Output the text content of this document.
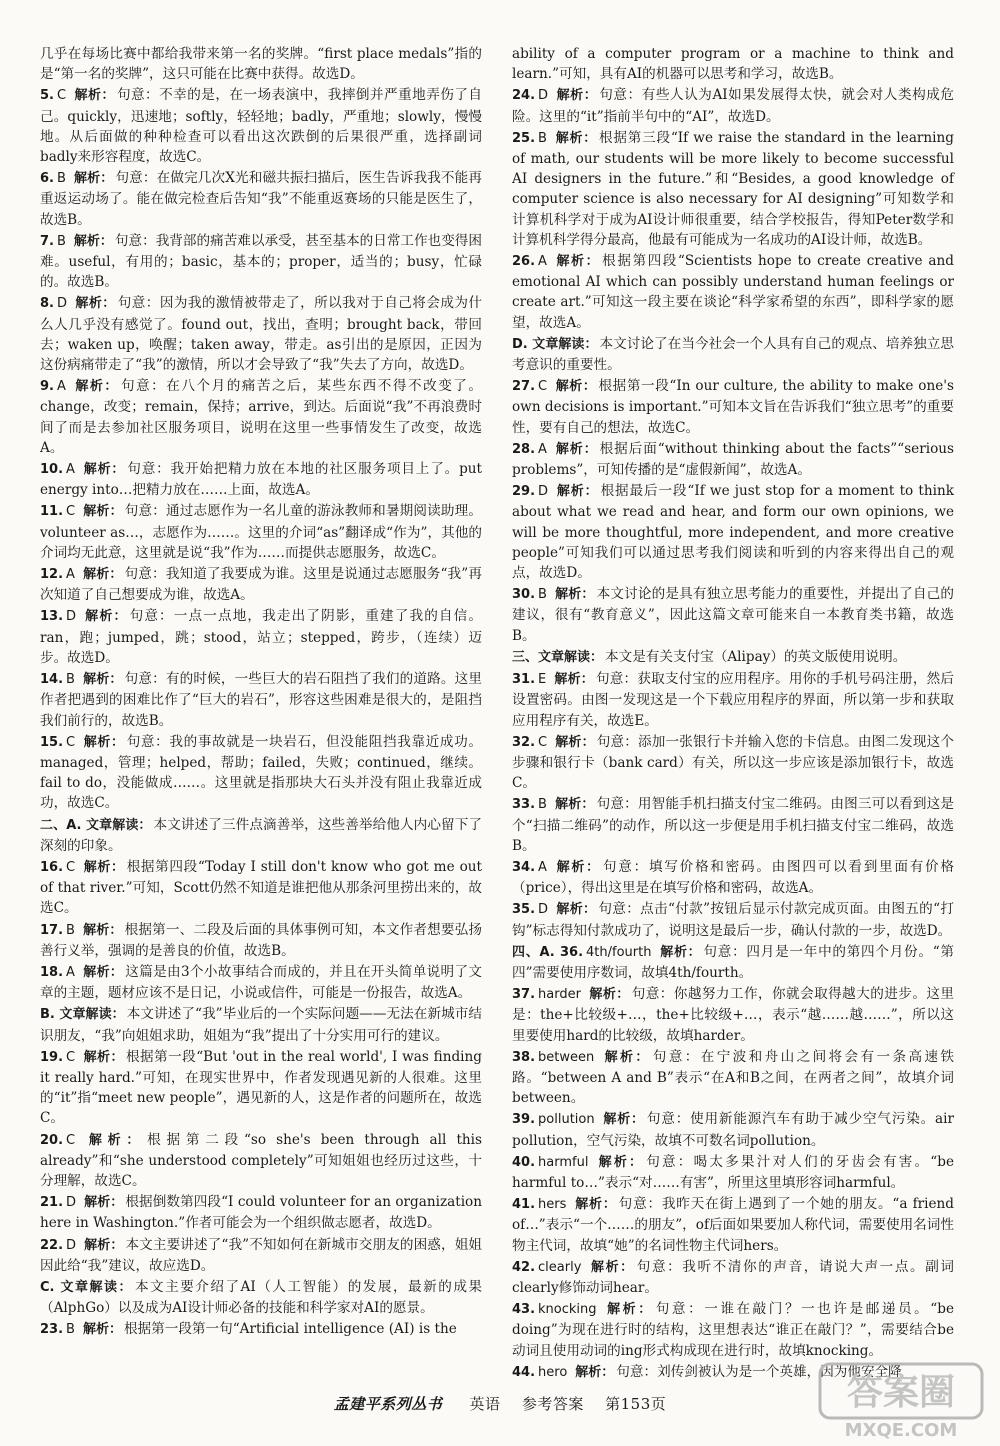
几乎在每场比赛中都给我带来第一名的奖牌。“first place medals”指的是“第一名的奖牌”，这只可能在比赛中获得。故选D。
5. C 解析： 句意：不幸的是，在一场表演中，我摔倒并严重地弄伤了自己。quickly，迅速地；softly，轻轻地；badly，严重地；slowly，慢慢地。从后面做的种种检查可以看出这次跌倒的后果很严重，选择副词badly来形容程度，故选C。
6. B 解析： 句意：在做完几次X光和磁共振扫描后，医生告诉我我不能再重返运动场了。能在做完检查后告知“我”不能重返赛场的只能是医生了，故选B。
7. B 解析： 句意：我背部的痛苦难以承受，甚至基本的日常工作也变得困难。useful，有用的；basic，基本的；proper，适当的；busy，忙碌的。故选B。
8. D 解析： 句意：因为我的激情被带走了，所以我对于自己将会成为什么人几乎没有感觉了。found out，找出，查明；brought back，带回去；waken up，唤醒；taken away，带走。as引出的是原因，正因为这份病痛带走了“我”的激情，所以才会导致了“我”失去了方向，故选D。
9. A 解析： 句意：在八个月的痛苦之后，某些东西不得不改变了。change，改变；remain，保持；arrive，到达。后面说“我”不再浪费时间了而是去参加社区服务项目，说明在这里一些事情发生了改变，故选A。
10. A 解析： 句意：我开始把精力放在本地的社区服务项目上了。put energy into…把精力放在……上面，故选A。
11. C 解析： 句意：通过志愿作为一名儿童的游泳教师和暑期阅读助理。volunteer as…，志愿作为……。这里的介词“as”翻译成“作为”，其他的介词均无此意，这里就是说“我”作为……而提供志愿服务，故选C。
12. A 解析： 句意：我知道了我要成为谁。这里是说通过志愿服务“我”再次知道了自己想要成为谁，故选A。
13. D 解析： 句意：一点一点地，我走出了阴影，重建了我的自信。ran，跑；jumped，跳；stood，站立；stepped，跨步，（连续）迈步。故选D。
14. B 解析： 句意：有的时候，一些巨大的岩石阻挡了我们的道路。这里作者把遇到的困难比作了“巨大的岩石”，形容这些困难是很大的，是阻挡我们前行的，故选B。
15. C 解析： 句意：我的事故就是一块岩石，但没能阻挡我靠近成功。managed，管理；helped，帮助；failed，失败；continued，继续。fail to do，没能做成……。这里就是指那块大石头并没有阻止我靠近成功，故选C。
二、A. 文章解读： 本文讲述了三件点滴善举，这些善举给他人内心留下了深刻的印象。
16. C 解析： 根据第四段“Today I still don't know who got me out of that river.”可知，Scott仍然不知道是谁把他从那条河里捞出来的，故选C。
17. B 解析： 根据第一、二段及后面的具体事例可知，本文作者想要弘扬善行义举，强调的是善良的价值，故选B。
18. A 解析： 这篇是由3个小故事结合而成的，并且在开头简单说明了文章的主题，题材应该不是日记，小说或信件，可能是一份报告，故选A。
B. 文章解读： 本文讲述了“我”毕业后的一个实际问题——无法在新城市结识朋友，“我”向姐姐求助，姐姐为“我”提出了十分实用可行的建议。
19. C 解析： 根据第一段“But 'out in the real world', I was finding it really hard.”可知，在现实世界中，作者发现遇见新的人很难。这里的“it”指“meet new people”，遇见新的人，这是作者的问题所在，故选C。
20. C 解析： 根据第二段“so she's been through all this already”和“she understood completely”可知姐姐也经历过这些，十分理解，故选C。
21. D 解析： 根据倒数第四段“I could volunteer for an organization here in Washington.”作者可能会为一个组织做志愿者，故选D。
22. D 解析： 本文主要讲述了“我”不知如何在新城市交朋友的困惑，姐姐因此给“我”建议，故应选D。
C. 文章解读： 本文主要介绍了AI（人工智能）的发展，最新的成果（AlphGo）以及成为AI设计师必备的技能和科学家对AI的愿景。
23. B 解析： 根据第一段第一句“Artificial intelligence (AI) is the
ability of a computer program or a machine to think and learn.”可知，具有AI的机器可以思考和学习，故选B。
24. D 解析： 句意：有些人认为AI如果发展得太快，就会对人类构成危险。这里的“it”指前半句中的“AI”，故选D。
25. B 解析： 根据第三段“If we raise the standard in the learning of math, our students will be more likely to become successful AI designers in the future.”和“Besides, a good knowledge of computer science is also necessary for AI designing”可知数学和计算机科学对于成为AI设计师很重要，结合学校报告，得知Peter数学和计算机科学得分最高，他最有可能成为一名成功的AI设计师，故选B。
26. A 解析： 根据第四段“Scientists hope to create creative and emotional AI which can possibly understand human feelings or create art.”可知这一段主要在谈论“科学家希望的东西”，即科学家的愿望，故选A。
D. 文章解读： 本文讨论了在当今社会一个人具有自己的观点、培养独立思考意识的重要性。
27. C 解析： 根据第一段“In our culture, the ability to make one's own decisions is important.”可知本文旨在告诉我们“独立思考”的重要性，要有自己的想法，故选C。
28. A 解析： 根据后面“without thinking about the facts”“serious problems”，可知传播的是“虚假新闻”，故选A。
29. D 解析： 根据最后一段“If we just stop for a moment to think about what we read and hear, and form our own opinions, we will be more thoughtful, more independent, and more creative people”可知我们可以通过思考我们阅读和听到的内容来得出自己的观点，故选D。
30. B 解析： 本文讨论的是具有独立思考能力的重要性，并提出了自己的建议，很有“教育意义”，因此这篇文章可能来自一本教育类书籍，故选B。
三、文章解读： 本文是有关支付宝（Alipay）的英文版使用说明。
31. E 解析： 句意：获取支付宝的应用程序。用你的手机号码注册，然后设置密码。由图一发现这是一个下载应用程序的界面，所以第一步和获取应用程序有关，故选E。
32. C 解析： 句意：添加一张银行卡并输入您的卡信息。由图二发现这个步骤和银行卡（bank card）有关，所以这一步应该是添加银行卡，故选C。
33. B 解析： 句意：用智能手机扫描支付宝二维码。由图三可以看到这是个“扫描二维码”的动作，所以这一步便是用手机扫描支付宝二维码，故选B。
34. A 解析： 句意：填写价格和密码。由图四可以看到里面有价格（price），得出这里是在填写价格和密码，故选A。
35. D 解析： 句意：点击“付款”按钮后显示付款完成页面。由图五的“打钩”标志得知付款成功了，说明这是最后一步，确认付款的一步，故选D。
四、A. 36. 4th/fourth 解析： 句意：四月是一年中的第四个月份。“第四”需要使用序数词，故填4th/fourth。
37. harder 解析： 句意：你越努力工作，你就会取得越大的进步。这里是：the+比较级+…，the+比较级+…，表示“越……越……”，所以这里要使用hard的比较级，故填harder。
38. between 解析： 句意：在宁波和舟山之间将会有一条高速铁路。“between A and B”表示“在A和B之间，在两者之间”，故填介词between。
39. pollution 解析： 句意：使用新能源汽车有助于减少空气污染。air pollution，空气污染，故填不可数名词pollution。
40. harmful 解析： 句意：喝太多果汁对人们的牙齿会有害。“be harmful to…”表示“对……有害”，所里这里填形容词harmful。
41. hers 解析： 句意：我昨天在街上遇到了一个她的朋友。“a friend of…”表示“一个……的朋友”，of后面如果要加人称代词，需要使用名词性物主代词，故填“她”的名词性物主代词hers。
42. clearly 解析： 句意：我听不清你的声音，请说大声一点。副词clearly修饰动词hear。
43. knocking 解析： 句意：一谁在敲门？一也许是邮递员。“be doing”为现在进行时的结构，这里想表达“谁正在敲门？”，需要结合be动词且使用动词的ing形式构成现在进行时，故填knocking。
44. hero 解析： 句意：刘传剑被认为是一个英雄，因为他安全降
孟建平系列丛书 英语 参考答案 第153页	答案圈
MXQE.COM
